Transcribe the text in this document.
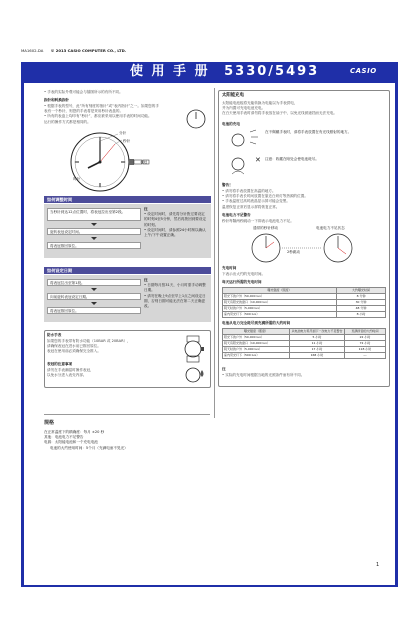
MA1602-DA © 2013 CASIO COMPUTER CO., LTD.
使 用 手 册 5330/5493	CASIO
• 手表的实际外观可能会与插图所示的有所不同。
指针和转换指针
• 根据手表的型号，此”所有刻度的指针”或”表内指针”之一。如果您的手
表有一个秒针，则您的手表将是采用秒针表盘的。
• 所有的表盘上均印有”秒针”，都应被采用以使用手表的时间功能。
运行的操作方式都是相同的。
分针
秒针
表冠
时针
如何调整时间
当秒针到达12点位置时，将表冠拉出至第2段。
旋转表冠设定时间。
将表冠推回原位。
注
• 设定时间时，请先将分针拨过要设定的时刻4至5分钟，然后再拨回到要设定的时刻。
• 设定时间时，请参照24小时制以确认上午/下午设置正确。
如何设定日期
将表冠拉出至第1段。
向前旋转表冠设定日期。
将表冠推回原位。
注
• 日期每月按31天，小月时需手动调整日期。
• 请勿在晚上9点至早上1点之间设定日期，否则日期可能无法在第二天正确更改。
防水手表
如果您的手表带有防水功能（10BAR 或 20BAR），
请确保表冠在进水前已推回原位。
表冠在使用前必须确保完全推入。
表冠的注意事项
请勿在手表潮湿时操作表冠，
以免水分进入表壳内部。
规格
在正常温度下的精确度：每月 ±20 秒
其他：电池电力不足警告
电源：太阳能电池和一个充电电池
电池的大约使用时间：5个月（充满电而不见光）
太阳能充电
太阳能电池板将光能转换为电能以为手表供电，
并为内置可充电电池充电。
在白天使用手表时请勿将手表放在袖子中，以免光线被遮挡而无法充电。
电池的充电
在不佩戴手表时，请将手表放置在有光线照射的地方。
✕ 注意：收藏在暗处会使电池耗尽。
警告！
• 请勿将手表放置在高温的地方。
• 请勿将手表长时间放置在靠近白炽灯等热源的位置。
• 手表温度过高时液晶显示屏可能会变黑。
温度恢复正常后显示屏将恢复正常。
电池电力不足警告
秒针每隔两秒跳动一下即表示电池电力不足。
通常的秒针移动	电池电力不足状态
2秒跳动
充电时间
下表示出大约的充电时间。
每天运行所需的充电时间
曝光强度（照度）	大约曝光时间
阳光下的户外（50,000 lux）	8 分钟
阴天有阳光的窗口（10,000 lux）	30 分钟
阴天时的户外（5,000 lux）	48 分钟
室内荧光灯下（500 lux）	8 小时
电池从电力完全耗尽到充满所需的大约时间
曝光强度（照度）	从电池电力耗尽到下一次电力不足警告	充满所需的大约时间
阳光下的户外（50,000 lux）	5 小时	22 小时
阴天有阳光的窗口（10,000 lux）	11 小时	72 小时
阴天时的户外（5,000 lux）	17 小时	118 小时
室内荧光灯下（500 lux）	168 小时	---
注
• 实际的充电时间根据当地的光照条件而有所不同。
1
